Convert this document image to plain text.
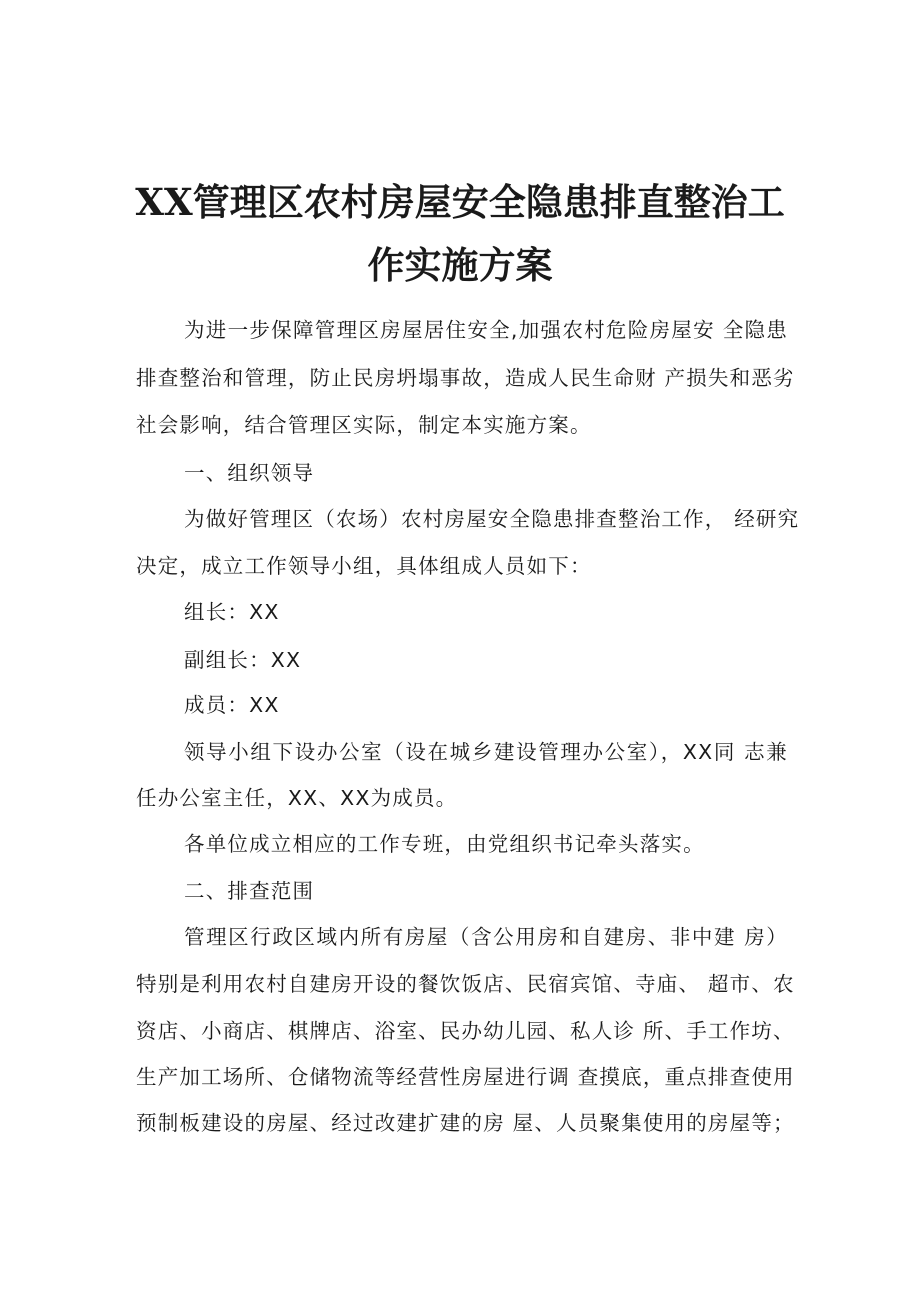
XX管理区农村房屋安全隐患排直整治工
作实施方案
为进一步保障管理区房屋居住安全,加强农村危险房屋安 全隐患
排查整治和管理，防止民房坍塌事故，造成人民生命财 产损失和恶劣
社会影响，结合管理区实际，制定本实施方案。
一、组织领导
为做好管理区（农场）农村房屋安全隐患排查整治工作， 经研究
决定，成立工作领导小组，具体组成人员如下：
组长：XX
副组长：XX
成员：XX
领导小组下设办公室（设在城乡建设管理办公室），XX同 志兼
任办公室主任，XX、XX为成员。
各单位成立相应的工作专班，由党组织书记牵头落实。
二、排查范围
管理区行政区域内所有房屋（含公用房和自建房、非中建 房）
特别是利用农村自建房开设的餐饮饭店、民宿宾馆、寺庙、 超市、农
资店、小商店、棋牌店、浴室、民办幼儿园、私人诊 所、手工作坊、
生产加工场所、仓储物流等经营性房屋进行调 查摸底，重点排查使用
预制板建设的房屋、经过改建扩建的房 屋、人员聚集使用的房屋等；
